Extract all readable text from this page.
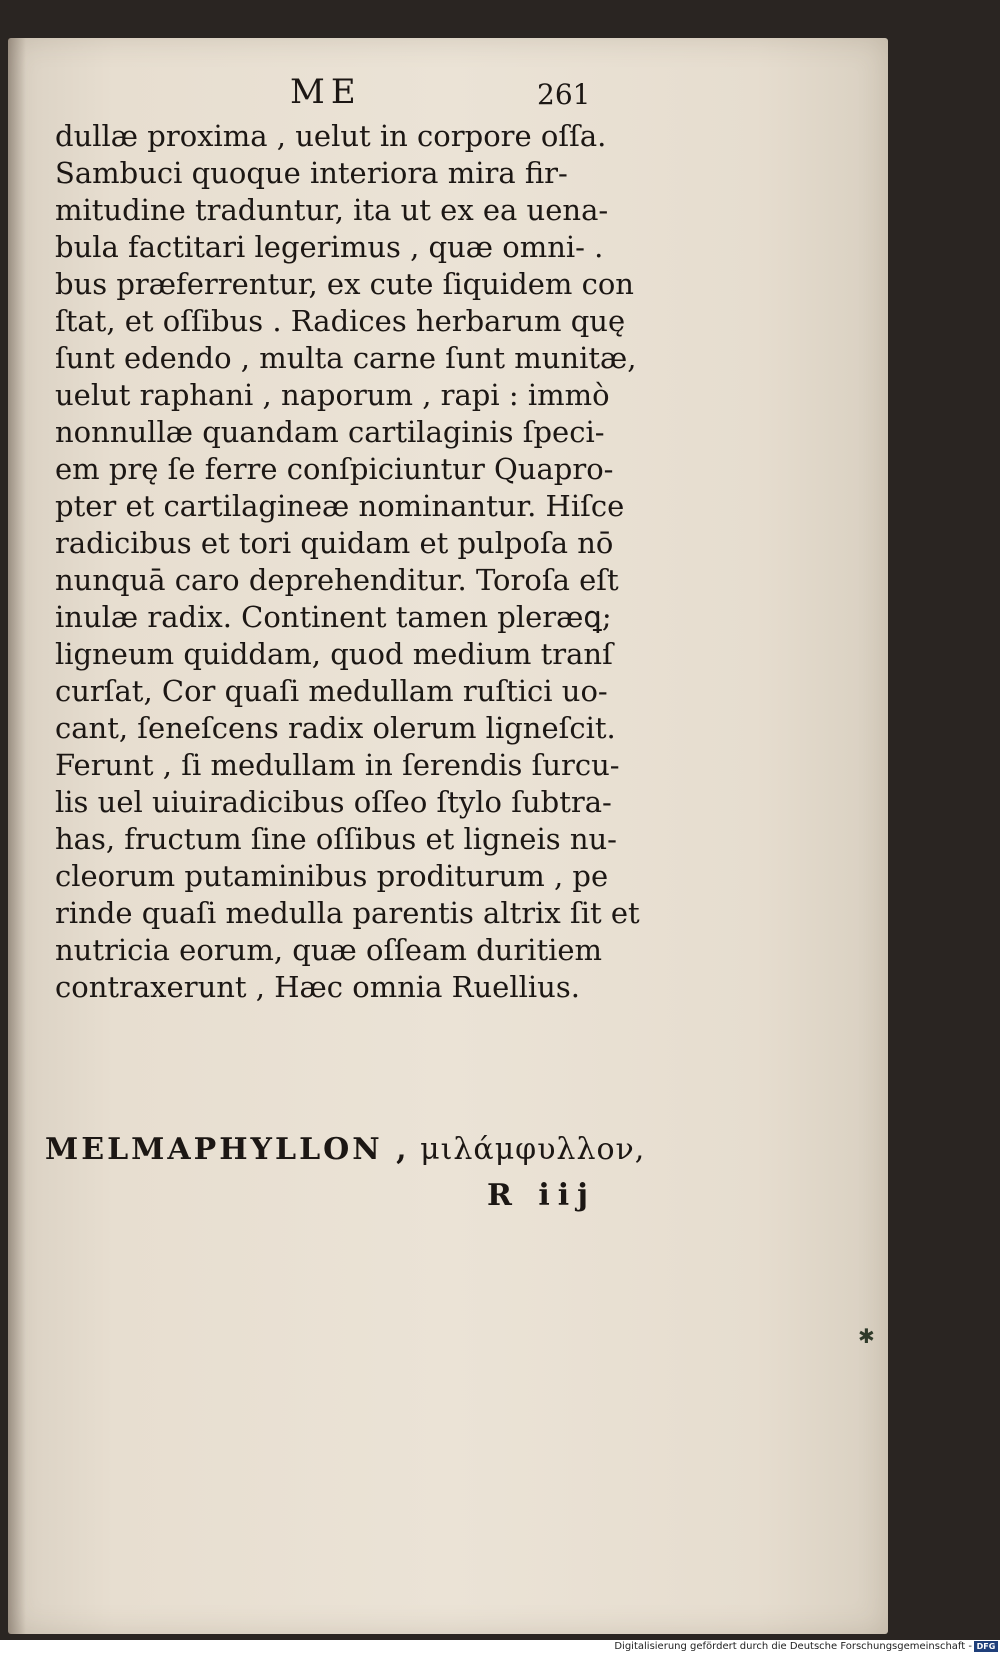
ME	261
dullæ proxima , uelut in corpore oſſa.
Sambuci quoque interiora mira fir-
mitudine traduntur, ita ut ex ea uena-
bula factitari legerimus , quæ omni- .
bus præferrentur, ex cute ſiquidem con
ſtat, et oſſibus . Radices herbarum quę
ſunt edendo , multa carne ſunt munitæ,
uelut raphani , naporum , rapi : immò
nonnullæ quandam cartilaginis ſpeci-
em prę ſe ferre conſpiciuntur Quapro-
pter et cartilagineæ nominantur. Hiſce
radicibus et tori quidam et pulpoſa nō
nunquā caro deprehenditur. Toroſa eſt
inulæ radix. Continent tamen pleræꝗ;
ligneum quiddam, quod medium tranſ
curſat, Cor quaſi medullam ruſtici uo-
cant, ſeneſcens radix olerum ligneſcit.
Ferunt , ſi medullam in ſerendis ſurcu-
lis uel uiuiradicibus oſſeo ſtylo ſubtra-
has, fructum ſine oſſibus et ligneis nu-
cleorum putaminibus proditurum , pe
rinde quaſi medulla parentis altrix ſit et
nutricia eorum, quæ oſſeam duritiem
contraxerunt , Hæc omnia Ruellius.
MELMAPHYLLON , μιλάμφυλλον,
R iij
✱
Digitalisierung gefördert durch die Deutsche Forschungsgemeinschaft - DFG
